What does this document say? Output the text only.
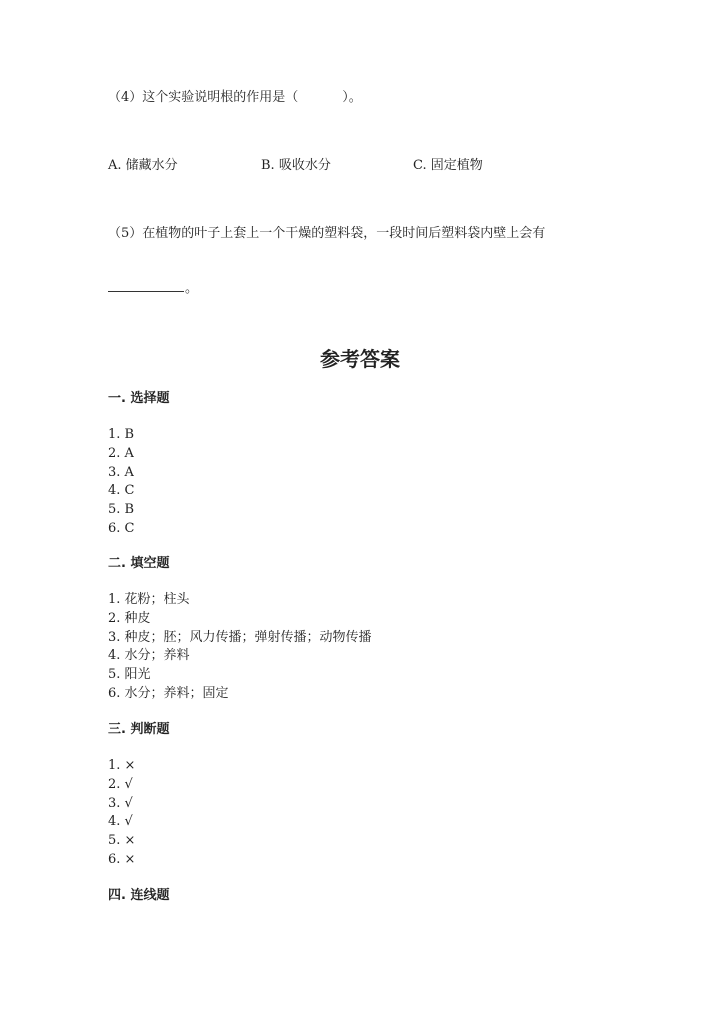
（4）这个实验说明根的作用是（	）。
A. 储藏水分	B. 吸收水分	C. 固定植物
（5）在植物的叶子上套上一个干燥的塑料袋，一段时间后塑料袋内壁上会有
。
参考答案
一. 选择题
1. B
2. A
3. A
4. C
5. B
6. C
二. 填空题
1. 花粉；柱头
2. 种皮
3. 种皮；胚；风力传播；弹射传播；动物传播
4. 水分；养料
5. 阳光
6. 水分；养料；固定
三. 判断题
1. ×
2. √
3. √
4. √
5. ×
6. ×
四. 连线题
